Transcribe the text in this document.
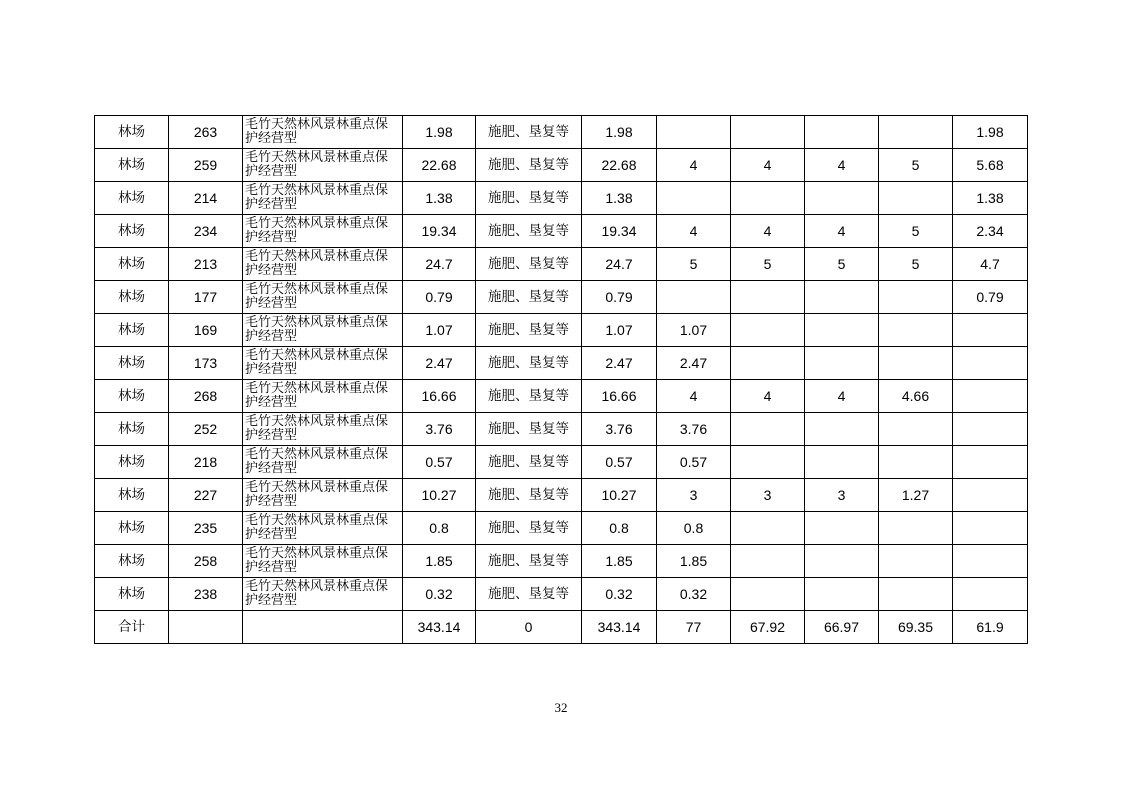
林场	263	毛竹天然林风景林重点保护经营型	1.98	施肥、垦复等	1.98					1.98
林场	259	毛竹天然林风景林重点保护经营型	22.68	施肥、垦复等	22.68	4	4	4	5	5.68
林场	214	毛竹天然林风景林重点保护经营型	1.38	施肥、垦复等	1.38					1.38
林场	234	毛竹天然林风景林重点保护经营型	19.34	施肥、垦复等	19.34	4	4	4	5	2.34
林场	213	毛竹天然林风景林重点保护经营型	24.7	施肥、垦复等	24.7	5	5	5	5	4.7
林场	177	毛竹天然林风景林重点保护经营型	0.79	施肥、垦复等	0.79					0.79
林场	169	毛竹天然林风景林重点保护经营型	1.07	施肥、垦复等	1.07	1.07				
林场	173	毛竹天然林风景林重点保护经营型	2.47	施肥、垦复等	2.47	2.47				
林场	268	毛竹天然林风景林重点保护经营型	16.66	施肥、垦复等	16.66	4	4	4	4.66	
林场	252	毛竹天然林风景林重点保护经营型	3.76	施肥、垦复等	3.76	3.76				
林场	218	毛竹天然林风景林重点保护经营型	0.57	施肥、垦复等	0.57	0.57				
林场	227	毛竹天然林风景林重点保护经营型	10.27	施肥、垦复等	10.27	3	3	3	1.27	
林场	235	毛竹天然林风景林重点保护经营型	0.8	施肥、垦复等	0.8	0.8				
林场	258	毛竹天然林风景林重点保护经营型	1.85	施肥、垦复等	1.85	1.85				
林场	238	毛竹天然林风景林重点保护经营型	0.32	施肥、垦复等	0.32	0.32				
合计			343.14	0	343.14	77	67.92	66.97	69.35	61.9
32
